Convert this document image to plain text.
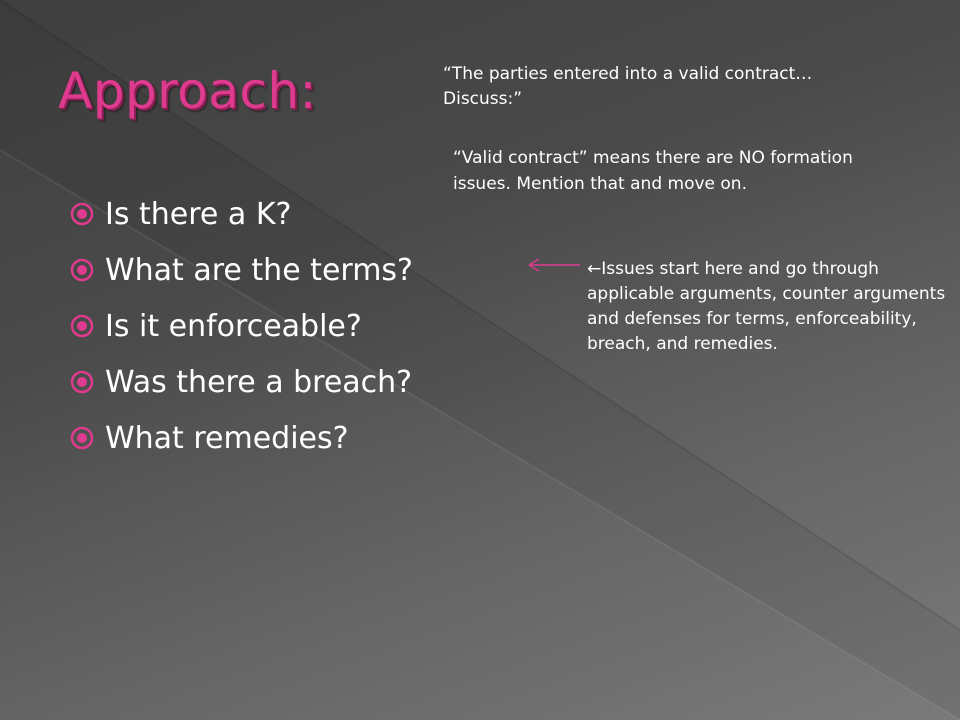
Approach:	“The parties entered into a valid contract…Discuss:”
“Valid contract” means there are NO formation issues. Mention that and move on.
Is there a K?
What are the terms?
Is it enforceable?
Was there a breach?
What remedies?
←Issues start here and go through applicable arguments, counter arguments and defenses for terms, enforceability, breach, and remedies.
